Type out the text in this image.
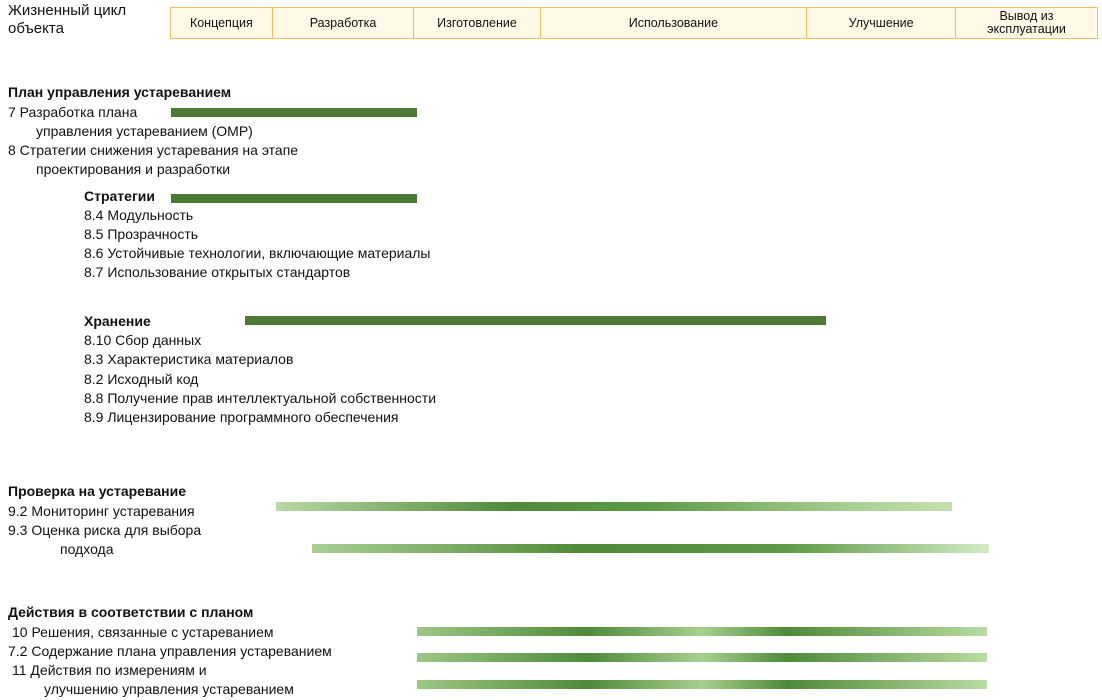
Жизненный цикл объекта	Концепция	Разработка	Изготовление	Использование	Улучшение	Вывод из эксплуатации
План управления устареванием
7 Разработка плана
управления устареванием (OMP)
8 Стратегии снижения устаревания на этапе
проектирования и разработки
Стратегии
8.4 Модульность
8.5 Прозрачность
8.6 Устойчивые технологии, включающие материалы
8.7 Использование открытых стандартов
Хранение
8.10 Сбор данных
8.3 Характеристика материалов
8.2 Исходный код
8.8 Получение прав интеллектуальной собственности
8.9 Лицензирование программного обеспечения
Проверка на устаревание
9.2 Мониторинг устаревания
9.3 Оценка риска для выбора
подхода
Действия в соответствии с планом
10 Решения, связанные с устареванием
7.2 Содержание плана управления устареванием
11 Действия по измерениям и
улучшению управления устареванием
